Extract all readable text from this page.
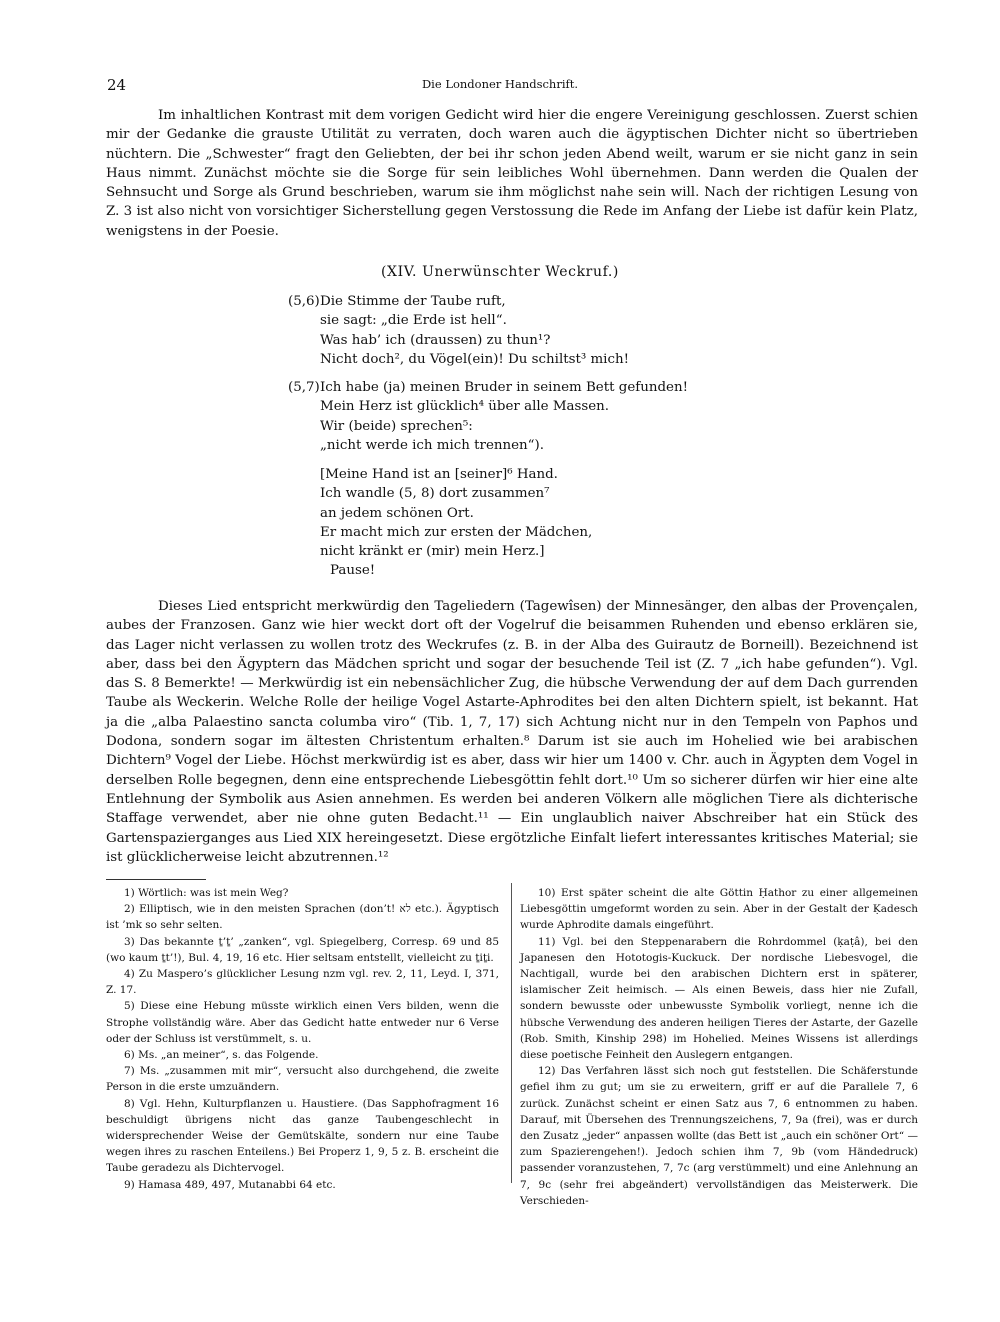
24	Die Londoner Handschrift.

Im inhaltlichen Kontrast mit dem vorigen Gedicht wird hier die engere Vereinigung geschlossen. Zuerst schien mir der Gedanke die grauste Utilität zu verraten, doch waren auch die ägyptischen Dichter nicht so übertrieben nüchtern. Die „Schwester“ fragt den Geliebten, der bei ihr schon jeden Abend weilt, warum er sie nicht ganz in sein Haus nimmt. Zunächst möchte sie die Sorge für sein leibliches Wohl übernehmen. Dann werden die Qualen der Sehnsucht und Sorge als Grund beschrieben, warum sie ihm möglichst nahe sein will. Nach der richtigen Lesung von Z. 3 ist also nicht von vorsichtiger Sicherstellung gegen Verstossung die Rede im Anfang der Liebe ist dafür kein Platz, wenigstens in der Poesie.

(XIV. Unerwünschter Weckruf.)
(5,6) Die Stimme der Taube ruft,
sie sagt: „die Erde ist hell“.
Was hab’ ich (draussen) zu thun¹?
Nicht doch², du Vögel(ein)! Du schiltst³ mich!
(5,7) Ich habe (ja) meinen Bruder in seinem Bett gefunden!
Mein Herz ist glücklich⁴ über alle Massen.
Wir (beide) sprechen⁵:
„nicht werde ich mich trennen“).
[Meine Hand ist an [seiner]⁶ Hand.
Ich wandle (5, 8) dort zusammen⁷
an jedem schönen Ort.
Er macht mich zur ersten der Mädchen,
nicht kränkt er (mir) mein Herz.]
Pause!

Dieses Lied entspricht merkwürdig den Tageliedern (Tagewîsen) der Minnesänger, den albas der Provençalen, aubes der Franzosen. Ganz wie hier weckt dort oft der Vogelruf die beisammen Ruhenden und ebenso erklären sie, das Lager nicht verlassen zu wollen trotz des Weckrufes (z. B. in der Alba des Guirautz de Borneill). Bezeichnend ist aber, dass bei den Ägyptern das Mädchen spricht und sogar der besuchende Teil ist (Z. 7 „ich habe gefunden“). Vgl. das S. 8 Bemerkte! — Merkwürdig ist ein nebensächlicher Zug, die hübsche Verwendung der auf dem Dach gurrenden Taube als Weckerin. Welche Rolle der heilige Vogel Astarte-Aphrodites bei den alten Dichtern spielt, ist bekannt. Hat ja die „alba Palaestino sancta columba viro“ (Tib. 1, 7, 17) sich Achtung nicht nur in den Tempeln von Paphos und Dodona, sondern sogar im ältesten Christentum erhalten.⁸ Darum ist sie auch im Hohelied wie bei arabischen Dichtern⁹ Vogel der Liebe. Höchst merkwürdig ist es aber, dass wir hier um 1400 v. Chr. auch in Ägypten dem Vogel in derselben Rolle begegnen, denn eine entsprechende Liebesgöttin fehlt dort.¹⁰ Um so sicherer dürfen wir hier eine alte Entlehnung der Symbolik aus Asien annehmen. Es werden bei anderen Völkern alle möglichen Tiere als dichterische Staffage verwendet, aber nie ohne guten Bedacht.¹¹ — Ein unglaublich naiver Abschreiber hat ein Stück des Gartenspazierganges aus Lied XIX hereingesetzt. Diese ergötzliche Einfalt liefert interessantes kritisches Material; sie ist glücklicherweise leicht abzutrennen.¹²

1) Wörtlich: was ist mein Weg?

2) Elliptisch, wie in den meisten Sprachen (don’t! לא etc.). Ägyptisch ist ’mk so sehr selten.

3) Das bekannte ṯ’ṯ’ „zanken“, vgl. Spiegelberg, Corresp. 69 und 85 (wo kaum ṯt’!), Bul. 4, 19, 16 etc. Hier seltsam entstellt, vielleicht zu ṯiṯi.

4) Zu Maspero’s glücklicher Lesung nzm vgl. rev. 2, 11, Leyd. I, 371, Z. 17.

5) Diese eine Hebung müsste wirklich einen Vers bilden, wenn die Strophe vollständig wäre. Aber das Gedicht hatte entweder nur 6 Verse oder der Schluss ist verstümmelt, s. u.

6) Ms. „an meiner“, s. das Folgende.

7) Ms. „zusammen mit mir“, versucht also durchgehend, die zweite Person in die erste umzuändern.

8) Vgl. Hehn, Kulturpflanzen u. Haustiere. (Das Sapphofragment 16 beschuldigt übrigens nicht das ganze Taubengeschlecht in widersprechender Weise der Gemütskälte, sondern nur eine Taube wegen ihres zu raschen Enteilens.) Bei Properz 1, 9, 5 z. B. erscheint die Taube geradezu als Dichtervogel.

9) Hamasa 489, 497, Mutanabbi 64 etc.

10) Erst später scheint die alte Göttin Ḥathor zu einer allgemeinen Liebesgöttin umgeformt worden zu sein. Aber in der Gestalt der Ḳadesch wurde Aphrodite damals eingeführt.

11) Vgl. bei den Steppenarabern die Rohrdommel (ḳaṭâ), bei den Japanesen den Hototogis-Kuckuck. Der nordische Liebesvogel, die Nachtigall, wurde bei den arabischen Dichtern erst in späterer, islamischer Zeit heimisch. — Als einen Beweis, dass hier nie Zufall, sondern bewusste oder unbewusste Symbolik vorliegt, nenne ich die hübsche Verwendung des anderen heiligen Tieres der Astarte, der Gazelle (Rob. Smith, Kinship 298) im Hohelied. Meines Wissens ist allerdings diese poetische Feinheit den Auslegern entgangen.

12) Das Verfahren lässt sich noch gut feststellen. Die Schäferstunde gefiel ihm zu gut; um sie zu erweitern, griff er auf die Parallele 7, 6 zurück. Zunächst scheint er einen Satz aus 7, 6 entnommen zu haben. Darauf, mit Übersehen des Trennungszeichens, 7, 9a (frei), was er durch den Zusatz „jeder“ anpassen wollte (das Bett ist „auch ein schöner Ort“ — zum Spazierengehen!). Jedoch schien ihm 7, 9b (vom Händedruck) passender voranzustehen, 7, 7c (arg verstümmelt) und eine Anlehnung an 7, 9c (sehr frei abgeändert) vervollständigen das Meisterwerk. Die Verschieden-
